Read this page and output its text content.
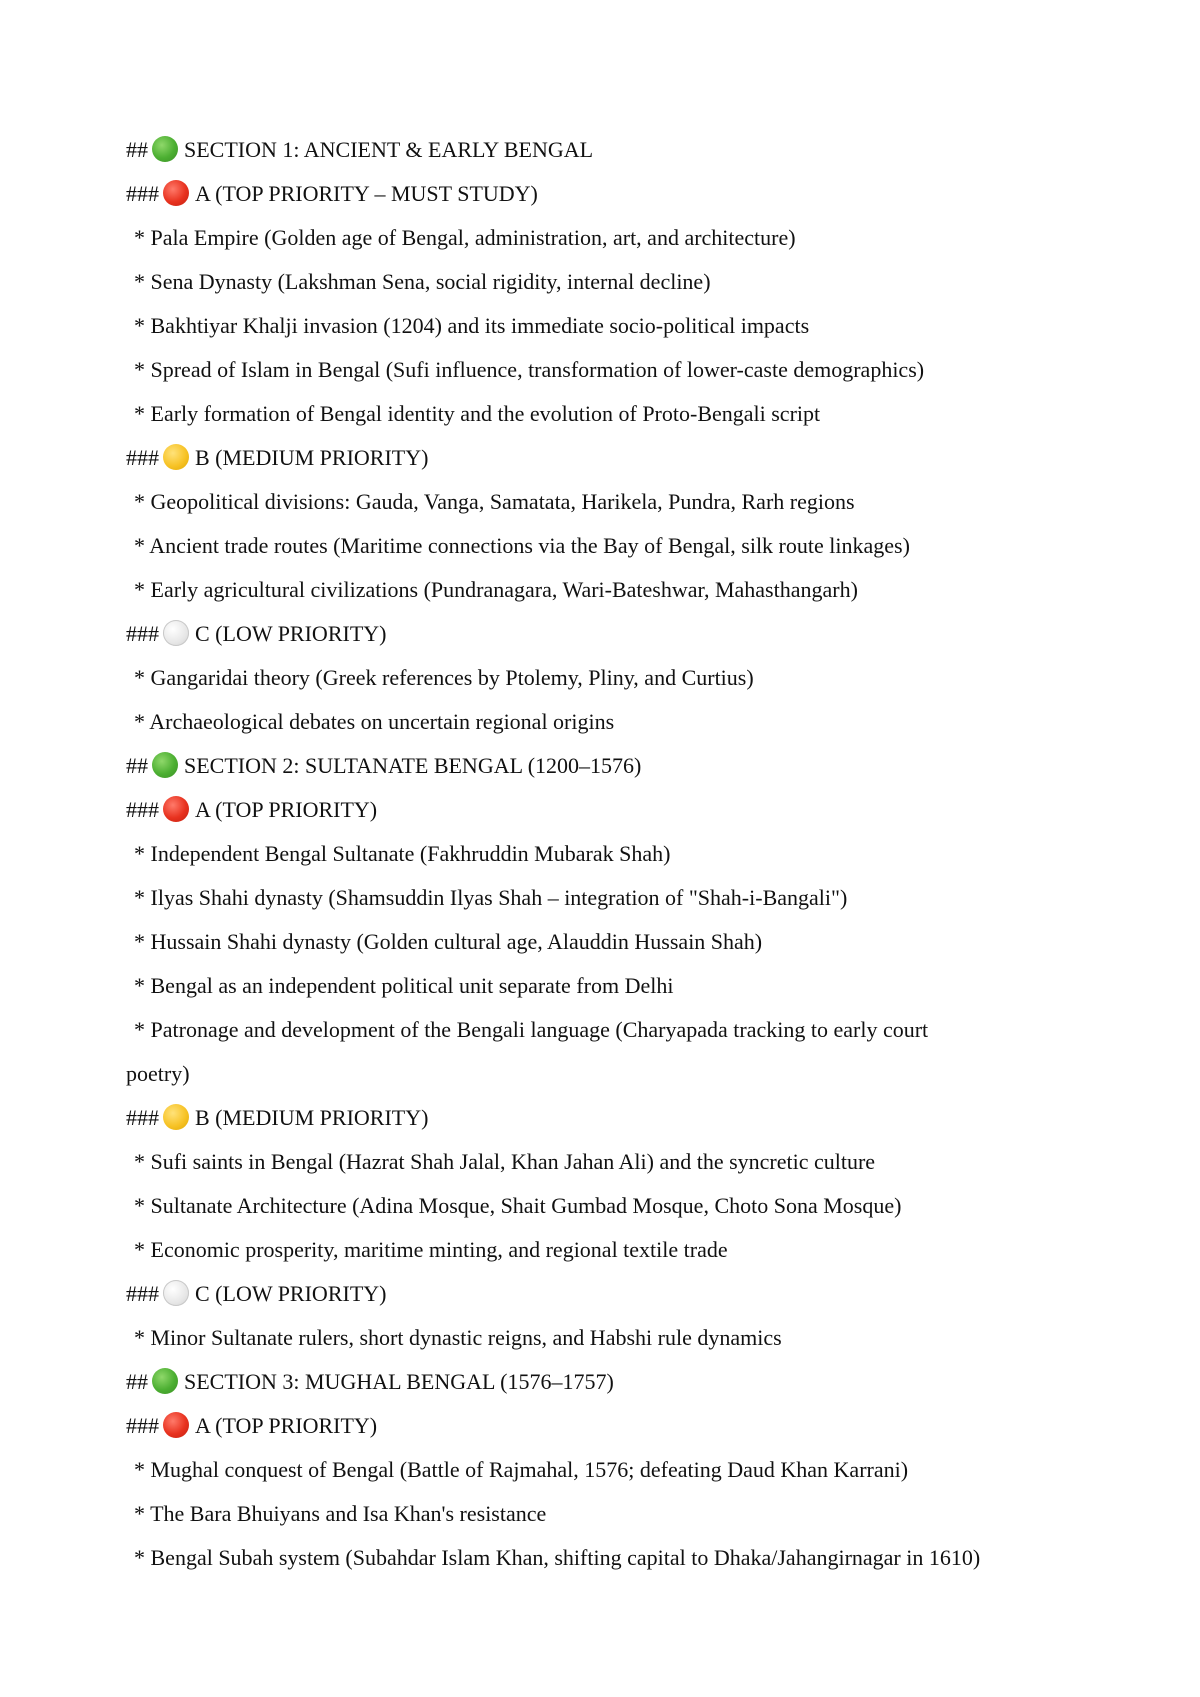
## SECTION 1: ANCIENT & EARLY BENGAL
### A (TOP PRIORITY – MUST STUDY)
* Pala Empire (Golden age of Bengal, administration, art, and architecture)
* Sena Dynasty (Lakshman Sena, social rigidity, internal decline)
* Bakhtiyar Khalji invasion (1204) and its immediate socio-political impacts
* Spread of Islam in Bengal (Sufi influence, transformation of lower-caste demographics)
* Early formation of Bengal identity and the evolution of Proto-Bengali script
### B (MEDIUM PRIORITY)
* Geopolitical divisions: Gauda, Vanga, Samatata, Harikela, Pundra, Rarh regions
* Ancient trade routes (Maritime connections via the Bay of Bengal, silk route linkages)
* Early agricultural civilizations (Pundranagara, Wari-Bateshwar, Mahasthangarh)
### C (LOW PRIORITY)
* Gangaridai theory (Greek references by Ptolemy, Pliny, and Curtius)
* Archaeological debates on uncertain regional origins
## SECTION 2: SULTANATE BENGAL (1200–1576)
### A (TOP PRIORITY)
* Independent Bengal Sultanate (Fakhruddin Mubarak Shah)
* Ilyas Shahi dynasty (Shamsuddin Ilyas Shah – integration of "Shah-i-Bangali")
* Hussain Shahi dynasty (Golden cultural age, Alauddin Hussain Shah)
* Bengal as an independent political unit separate from Delhi
* Patronage and development of the Bengali language (Charyapada tracking to early court
poetry)
### B (MEDIUM PRIORITY)
* Sufi saints in Bengal (Hazrat Shah Jalal, Khan Jahan Ali) and the syncretic culture
* Sultanate Architecture (Adina Mosque, Shait Gumbad Mosque, Choto Sona Mosque)
* Economic prosperity, maritime minting, and regional textile trade
### C (LOW PRIORITY)
* Minor Sultanate rulers, short dynastic reigns, and Habshi rule dynamics
## SECTION 3: MUGHAL BENGAL (1576–1757)
### A (TOP PRIORITY)
* Mughal conquest of Bengal (Battle of Rajmahal, 1576; defeating Daud Khan Karrani)
* The Bara Bhuiyans and Isa Khan's resistance
* Bengal Subah system (Subahdar Islam Khan, shifting capital to Dhaka/Jahangirnagar in 1610)
